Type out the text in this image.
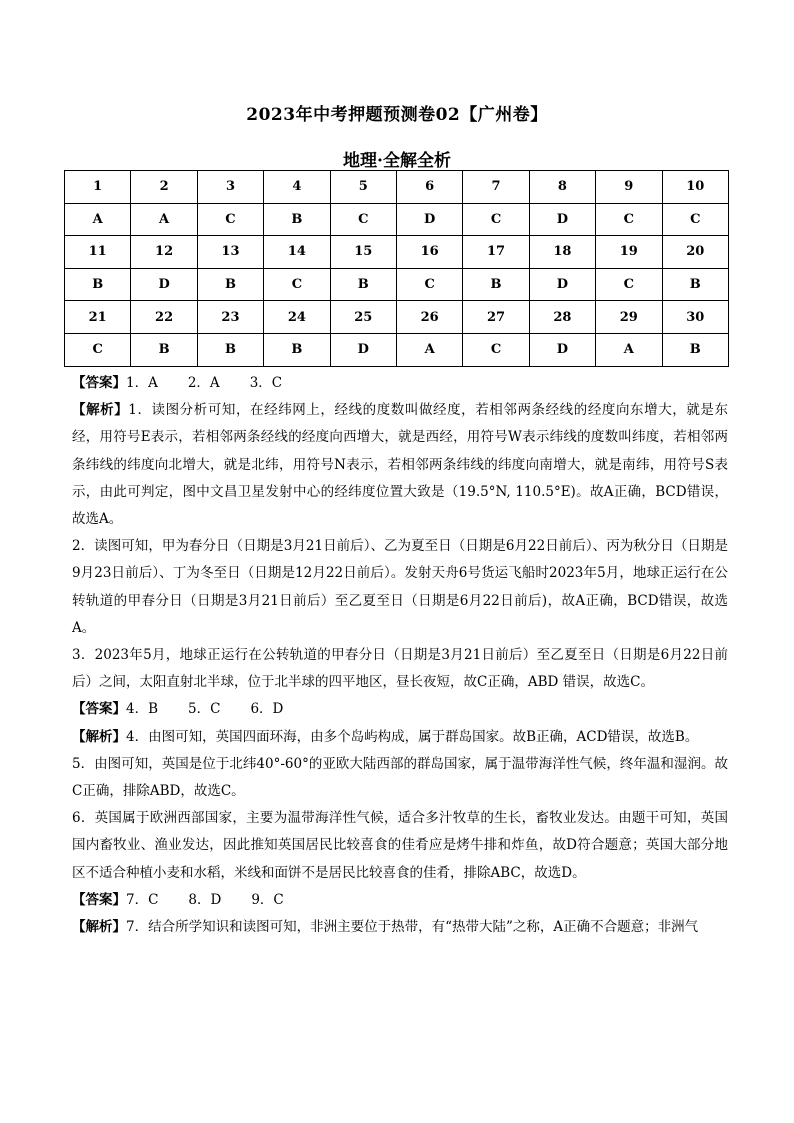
2023年中考押题预测卷02【广州卷】
地理·全解全析
1	2	3	4	5	6	7	8	9	10
A	A	C	B	C	D	C	D	C	C
11	12	13	14	15	16	17	18	19	20
B	D	B	C	B	C	B	D	C	B
21	22	23	24	25	26	27	28	29	30
C	B	B	B	D	A	C	D	A	B

【答案】1．A 2．A 3．C

【解析】1．读图分析可知，在经纬网上，经线的度数叫做经度，若相邻两条经线的经度向东增大，就是东经，用符号E表示，若相邻两条经线的经度向西增大，就是西经，用符号W表示纬线的度数叫纬度，若相邻两条纬线的纬度向北增大，就是北纬，用符号N表示，若相邻两条纬线的纬度向南增大，就是南纬，用符号S表示，由此可判定，图中文昌卫星发射中心的经纬度位置大致是（19.5°N, 110.5°E)。故A正确，BCD错误，故选A。

2．读图可知，甲为春分日（日期是3月21日前后）、乙为夏至日（日期是6月22日前后）、丙为秋分日（日期是9月23日前后）、丁为冬至日（日期是12月22日前后）。发射天舟6号货运飞船时2023年5月，地球正运行在公转轨道的甲春分日（日期是3月21日前后）至乙夏至日（日期是6月22日前后)，故A正确，BCD错误，故选A。

3．2023年5月，地球正运行在公转轨道的甲春分日（日期是3月21日前后）至乙夏至日（日期是6月22日前后）之间，太阳直射北半球，位于北半球的四平地区，昼长夜短，故C正确，ABD 错误，故选C。

【答案】4．B 5．C 6．D

【解析】4．由图可知，英国四面环海，由多个岛屿构成，属于群岛国家。故B正确，ACD错误，故选B。

5．由图可知，英国是位于北纬40°-60°的亚欧大陆西部的群岛国家，属于温带海洋性气候，终年温和湿润。故C正确，排除ABD，故选C。

6．英国属于欧洲西部国家，主要为温带海洋性气候，适合多汁牧草的生长，畜牧业发达。由题干可知，英国国内畜牧业、渔业发达，因此推知英国居民比较喜食的佳肴应是烤牛排和炸鱼，故D符合题意；英国大部分地区不适合种植小麦和水稻，米线和面饼不是居民比较喜食的佳肴，排除ABC，故选D。

【答案】7．C 8．D 9．C

【解析】7．结合所学知识和读图可知，非洲主要位于热带，有“热带大陆”之称，A正确不合题意；非洲气
